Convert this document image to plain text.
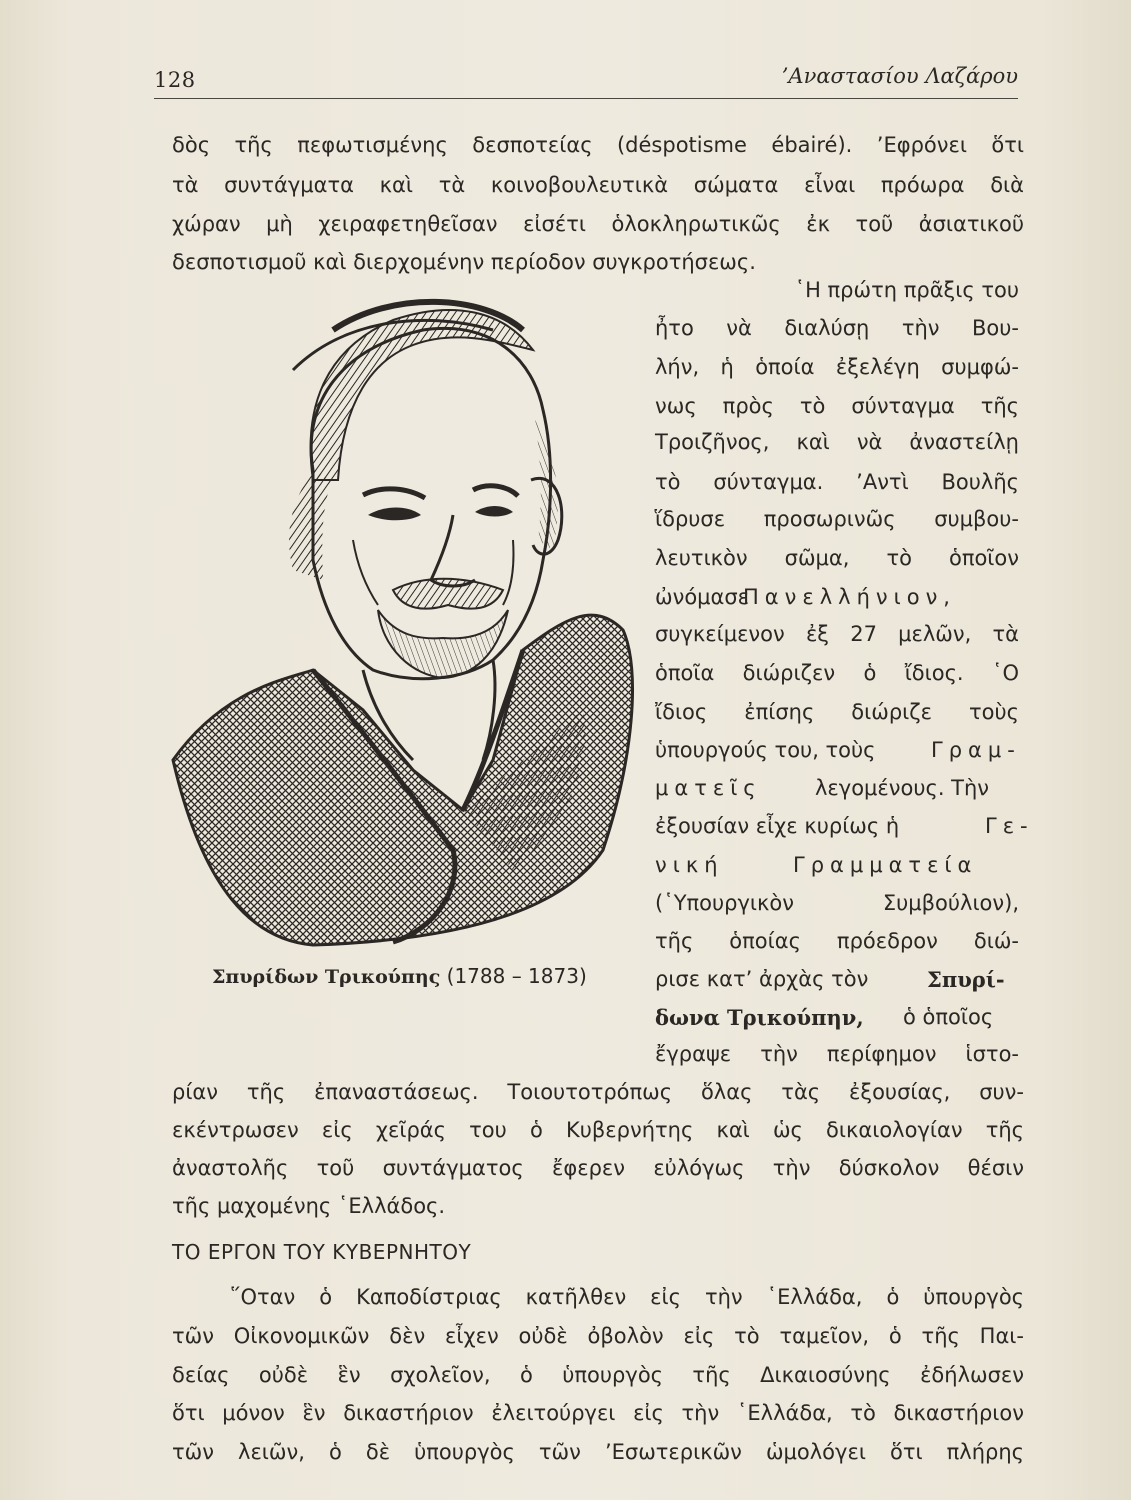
128	’Αναστασίου Λαζάρου
δὸς τῆς πεφωτισμένης δεσποτείας (déspotisme ébairé). ’Εφρόνει ὅτι
τὰ συντάγματα καὶ τὰ κοινοβουλευτικὰ σώματα εἶναι πρόωρα διὰ
χώραν μὴ χειραφετηθεῖσαν εἰσέτι ὁλοκληρωτικῶς ἐκ τοῦ ἀσιατικοῦ
δεσποτισμοῦ καὶ διερχομένην περίοδον συγκροτήσεως.
Σπυρίδων Τρικούπης (1788 – 1873)
῾Η πρώτη πρᾶξις του
ἦτο νὰ διαλύσῃ τὴν Βου-
λήν, ἡ ὁποία ἐξελέγη συμφώ-
νως πρὸς τὸ σύνταγμα τῆς
Τροιζῆνος, καὶ νὰ ἀναστείλῃ
τὸ σύνταγμα. ’Αντὶ Βουλῆς
ἵδρυσε προσωρινῶς συμβου-
λευτικὸν σῶμα, τὸ ὁποῖον
ὠνόμασε
Πανελλήνιον,
συγκείμενον ἐξ 27 μελῶν, τὰ
ὁποῖα διώριζεν ὁ ἴδιος. ῾Ο
ἴδιος ἐπίσης διώριζε τοὺς
ὑπουργούς του, τοὺς	Γραμ-
ματεῖς	λεγομένους. Τὴν
ἐξουσίαν εἶχε κυρίως ἡ	Γε-
νική	Γραμματεία
(῾Υπουργικὸν Συμβούλιον),
τῆς ὁποίας πρόεδρον διώ-
ρισε κατ’ ἀρχὰς τὸν	Σπυρί-
δωνα Τρικούπην, ὁ ὁποῖος
ἔγραψε τὴν περίφημον ἱστο-
ρίαν τῆς ἐπαναστάσεως. Τοιουτοτρόπως ὅλας τὰς ἐξουσίας, συν-
εκέντρωσεν εἰς χεῖράς του ὁ Κυβερνήτης καὶ ὡς δικαιολογίαν τῆς
ἀναστολῆς τοῦ συντάγματος ἔφερεν εὐλόγως τὴν δύσκολον θέσιν
τῆς μαχομένης ῾Ελλάδος.
ΤΟ ΕΡΓΟΝ ΤΟΥ ΚΥΒΕΡΝΗΤΟΥ
῞Οταν ὁ Καποδίστριας κατῆλθεν εἰς τὴν ῾Ελλάδα, ὁ ὑπουργὸς
τῶν Οἰκονομικῶν δὲν εἶχεν οὐδὲ ὀβολὸν εἰς τὸ ταμεῖον, ὁ τῆς Παι-
δείας οὐδὲ ἓν σχολεῖον, ὁ ὑπουργὸς τῆς Δικαιοσύνης ἐδήλωσεν
ὅτι μόνον ἓν δικαστήριον ἐλειτούργει εἰς τὴν ῾Ελλάδα, τὸ δικαστήριον
τῶν λειῶν, ὁ δὲ ὑπουργὸς τῶν ’Εσωτερικῶν ὡμολόγει ὅτι πλήρης
